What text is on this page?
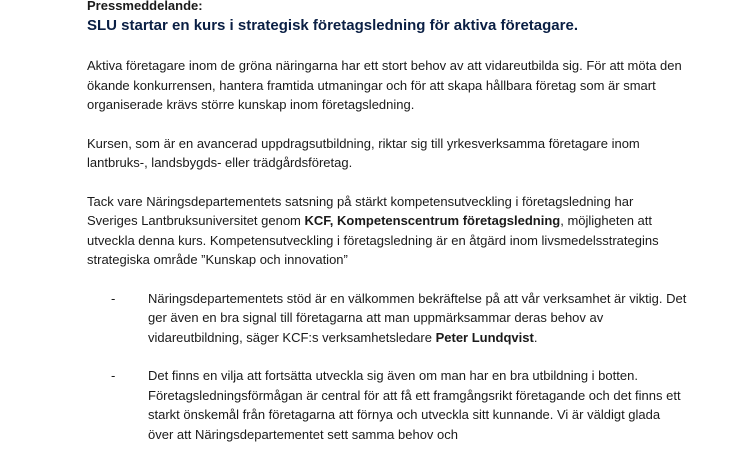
Pressmeddelande:

SLU startar en kurs i strategisk företagsledning för aktiva företagare.

Aktiva företagare inom de gröna näringarna har ett stort behov av att vidareutbilda sig. För att möta den ökande konkurrensen, hantera framtida utmaningar och för att skapa hållbara företag som är smart organiserade krävs större kunskap inom företagsledning.

Kursen, som är en avancerad uppdragsutbildning, riktar sig till yrkesverksamma företagare inom lantbruks-, landsbygds- eller trädgårdsföretag.

Tack vare Näringsdepartementets satsning på stärkt kompetensutveckling i företagsledning har Sveriges Lantbruksuniversitet genom KCF, Kompetenscentrum företagsledning, möjligheten att utveckla denna kurs. Kompetensutveckling i företagsledning är en åtgärd inom livsmedelsstrategins strategiska område ”Kunskap och innovation”

-	Näringsdepartementets stöd är en välkommen bekräftelse på att vår verksamhet är viktig. Det ger även en bra signal till företagarna att man uppmärksammar deras behov av vidareutbildning, säger KCF:s verksamhetsledare Peter Lundqvist.
-	Det finns en vilja att fortsätta utveckla sig även om man har en bra utbildning i botten. Företagsledningsförmågan är central för att få ett framgångsrikt företagande och det finns ett starkt önskemål från företagarna att förnya och utveckla sitt kunnande. Vi är väldigt glada över att Näringsdepartementet sett samma behov och
